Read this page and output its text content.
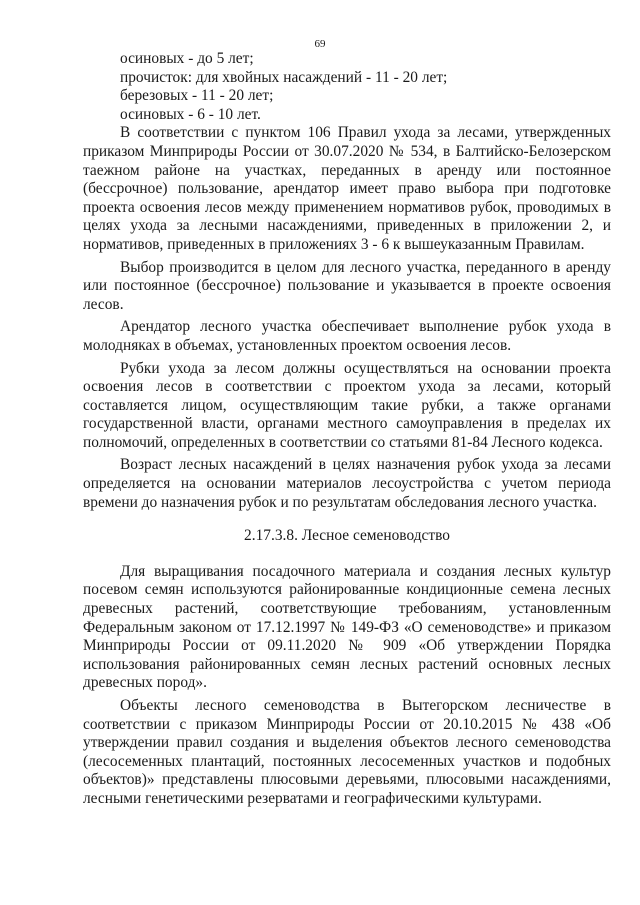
69

осиновых - до 5 лет;

прочисток: для хвойных насаждений - 11 - 20 лет;

березовых - 11 - 20 лет;

осиновых - 6 - 10 лет.

В соответствии с пунктом 106 Правил ухода за лесами, утвержденных приказом Минприроды России от 30.07.2020 № 534, в Балтийско-Белозерском таежном районе на участках, переданных в аренду или постоянное (бессрочное) пользование, арендатор имеет право выбора при подготовке проекта освоения лесов между применением нормативов рубок, проводимых в целях ухода за лесными насаждениями, приведенных в приложении 2, и нормативов, приведенных в приложениях 3 - 6 к вышеуказанным Правилам.

Выбор производится в целом для лесного участка, переданного в аренду или постоянное (бессрочное) пользование и указывается в проекте освоения лесов.

Арендатор лесного участка обеспечивает выполнение рубок ухода в молодняках в объемах, установленных проектом освоения лесов.

Рубки ухода за лесом должны осуществляться на основании проекта освоения лесов в соответствии с проектом ухода за лесами, который составляется лицом, осуществляющим такие рубки, а также органами государственной власти, органами местного самоуправления в пределах их полномочий, определенных в соответствии со статьями 81-84 Лесного кодекса.

Возраст лесных насаждений в целях назначения рубок ухода за лесами определяется на основании материалов лесоустройства с учетом периода времени до назначения рубок и по результатам обследования лесного участка.

2.17.3.8. Лесное семеноводство

Для выращивания посадочного материала и создания лесных культур посевом семян используются районированные кондиционные семена лесных древесных растений, соответствующие требованиям, установленным Федеральным законом от 17.12.1997 № 149-ФЗ «О семеноводстве» и приказом Минприроды России от 09.11.2020 № 909 «Об утверждении Порядка использования районированных семян лесных растений основных лесных древесных пород».

Объекты лесного семеноводства в Вытегорском лесничестве в соответствии с приказом Минприроды России от 20.10.2015 № 438 «Об утверждении правил создания и выделения объектов лесного семеноводства (лесосеменных плантаций, постоянных лесосеменных участков и подобных объектов)» представлены плюсовыми деревьями, плюсовыми насаждениями, лесными генетическими резерватами и географическими культурами.
